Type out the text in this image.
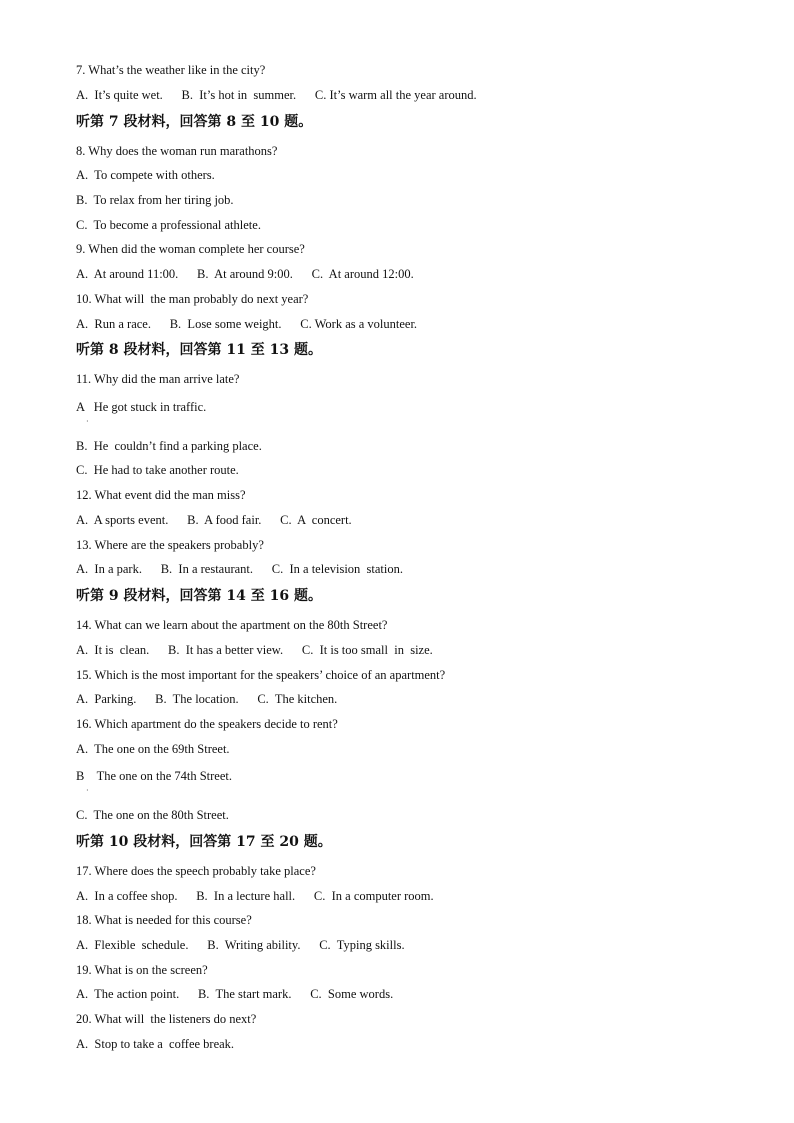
7. What’s the weather like in the city?
A.  It’s quite wet.      B.  It’s hot in  summer.      C. It’s warm all the year around.
听第 7 段材料，回答第 8 至 10 题。
8. Why does the woman run marathons?
A.  To compete with others.
B.  To relax from her tiring job.
C.  To become a professional athlete.
9. When did the woman complete her course?
A.  At around 11:00.      B.  At around 9:00.      C.  At around 12:00.
10. What will  the man probably do next year?
A.  Run a race.      B.  Lose some weight.      C. Work as a volunteer.
听第 8 段材料，回答第 11 至 13 题。
11. Why did the man arrive late?
A   He got stuck in traffic.
·
B.  He  couldn’t find a parking place.
C.  He had to take another route.
12. What event did the man miss?
A.  A sports event.      B.  A food fair.      C.  A  concert.
13. Where are the speakers probably?
A.  In a park.      B.  In a restaurant.      C.  In a television  station.
听第 9 段材料，回答第 14 至 16 题。
14. What can we learn about the apartment on the 80th Street?
A.  It is  clean.      B.  It has a better view.      C.  It is too small  in  size.
15. Which is the most important for the speakers’ choice of an apartment?
A.  Parking.      B.  The location.      C.  The kitchen.
16. Which apartment do the speakers decide to rent?
A.  The one on the 69th Street.
B    The one on the 74th Street.
·
C.  The one on the 80th Street.
听第 10 段材料，回答第 17 至 20 题。
17. Where does the speech probably take place?
A.  In a coffee shop.      B.  In a lecture hall.      C.  In a computer room.
18. What is needed for this course?
A.  Flexible  schedule.      B.  Writing ability.      C.  Typing skills.
19. What is on the screen?
A.  The action point.      B.  The start mark.      C.  Some words.
20. What will  the listeners do next?
A.  Stop to take a  coffee break.
